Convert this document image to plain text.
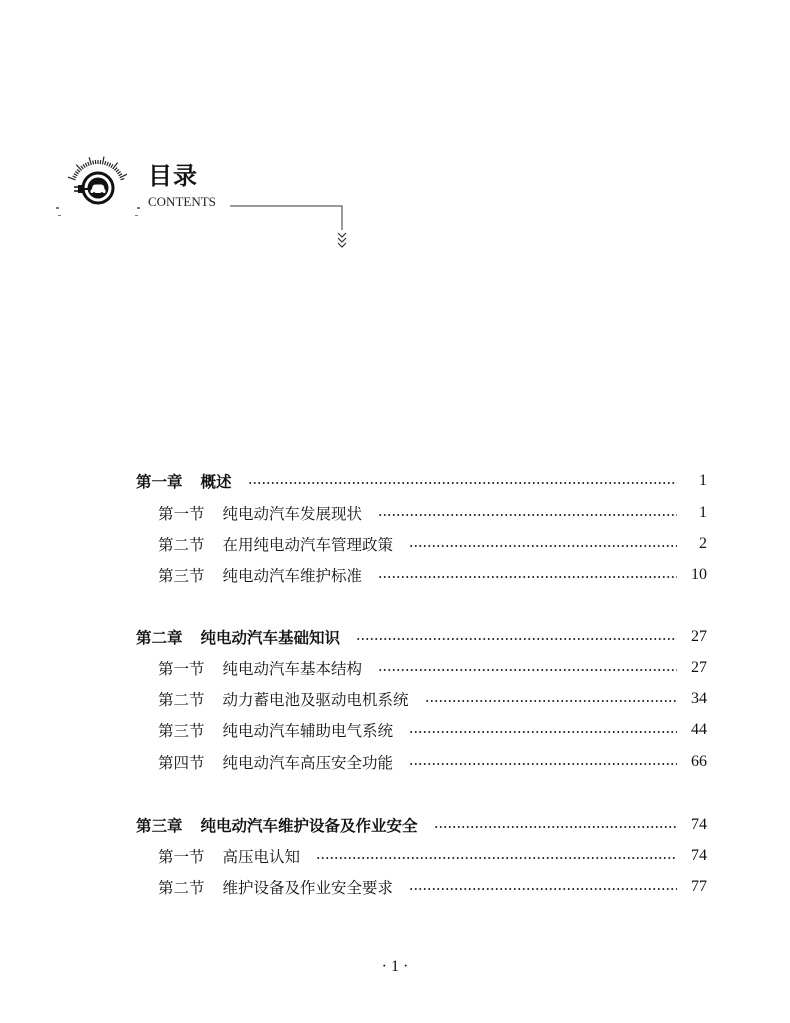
目录
CONTENTS
第一章 概述	1
第一节 纯电动汽车发展现状	1
第二节 在用纯电动汽车管理政策	2
第三节 纯电动汽车维护标准	10
第二章 纯电动汽车基础知识	27
第一节 纯电动汽车基本结构	27
第二节 动力蓄电池及驱动电机系统	34
第三节 纯电动汽车辅助电气系统	44
第四节 纯电动汽车高压安全功能	66
第三章 纯电动汽车维护设备及作业安全	74
第一节 高压电认知	74
第二节 维护设备及作业安全要求	77
· 1 ·
